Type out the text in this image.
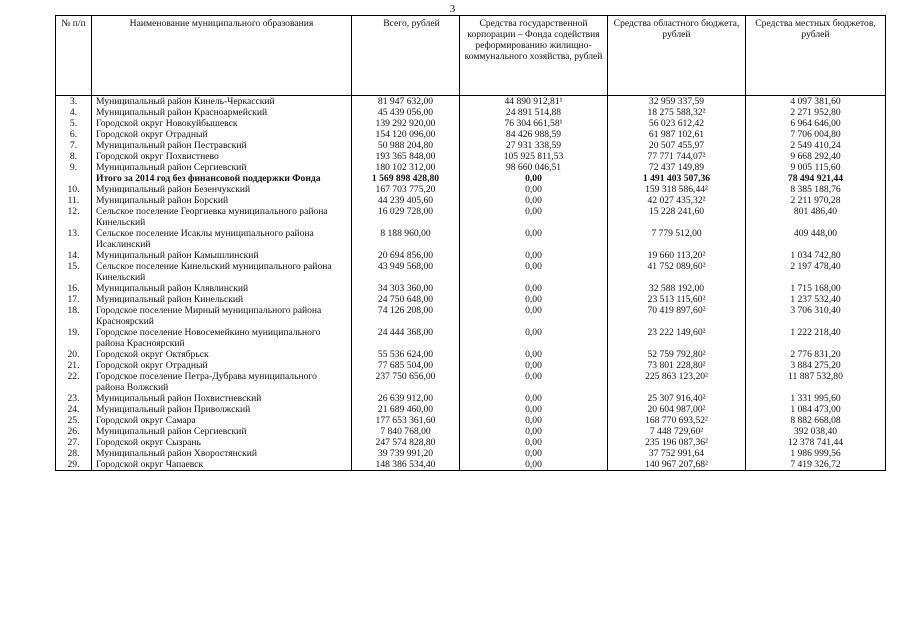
3
№ п/п	Наименование муниципального образования	Всего, рублей	Средства государственной корпорации – Фонда содействия реформированию жилищно-коммунального хозяйства, рублей	Средства областного бюджета, рублей	Средства местных бюджетов, рублей
3.	Муниципальный район Кинель-Черкасский	81 947 632,00	44 890 912,81¹	32 959 337,59	4 097 381,60
4.	Муниципальный район Красноармейский	45 439 056,00	24 891 514,88	18 275 588,32²	2 271 952,80
5.	Городской округ Новокуйбышевск	139 292 920,00	76 304 661,58¹	56 023 612,42	6 964 646,00
6.	Городской округ Отрадный	154 120 096,00	84 426 988,59	61 987 102,61	7 706 004,80
7.	Муниципальный район Пестравский	50 988 204,80	27 931 338,59	20 507 455,97	2 549 410,24
8.	Городской округ Похвистнево	193 365 848,00	105 925 811,53	77 771 744,07²	9 668 292,40
9.	Муниципальный район Сергиевский	180 102 312,00	98 660 046,51	72 437 149,89	9 005 115,60
	Итого за 2014 год без финансовой поддержки Фонда	1 569 898 428,80	0,00	1 491 403 507,36	78 494 921,44
10.	Муниципальный район Безенчукский	167 703 775,20	0,00	159 318 586,44²	8 385 188,76
11.	Муниципальный район Борский	44 239 405,60	0,00	42 027 435,32²	2 211 970,28
12.	Сельское поселение Георгиевка муниципального района Кинельский	16 029 728,00	0,00	15 228 241,60	801 486,40
13.	Сельское поселение Исаклы муниципального района Исаклинский	8 188 960,00	0,00	7 779 512,00	409 448,00
14.	Муниципальный район Камышлинский	20 694 856,00	0,00	19 660 113,20²	1 034 742,80
15.	Сельское поселение Кинельский муниципального района Кинельский	43 949 568,00	0,00	41 752 089,60²	2 197 478,40
16.	Муниципальный район Клявлинский	34 303 360,00	0,00	32 588 192,00	1 715 168,00
17.	Муниципальный район Кинельский	24 750 648,00	0,00	23 513 115,60²	1 237 532,40
18.	Городское поселение Мирный муниципального района Красноярский	74 126 208,00	0,00	70 419 897,60²	3 706 310,40
19.	Городское поселение Новосемейкино муниципального района Красноярский	24 444 368,00	0,00	23 222 149,60²	1 222 218,40
20.	Городской округ Октябрьск	55 536 624,00	0,00	52 759 792,80²	2 776 831,20
21.	Городской округ Отрадный	77 685 504,00	0,00	73 801 228,80²	3 884 275,20
22.	Городское поселение Петра-Дубрава муниципального района Волжский	237 750 656,00	0,00	225 863 123,20²	11 887 532,80
23.	Муниципальный район Похвистневский	26 639 912,00	0,00	25 307 916,40²	1 331 995,60
24.	Муниципальный район Приволжский	21 689 460,00	0,00	20 604 987,00²	1 084 473,00
25.	Городской округ Самара	177 653 361,60	0,00	168 770 693,52²	8 882 668,08
26.	Муниципальный район Сергиевский	7 840 768,00	0,00	7 448 729,60²	392 038,40
27.	Городской округ Сызрань	247 574 828,80	0,00	235 196 087,36²	12 378 741,44
28.	Муниципальный район Хворостянский	39 739 991,20	0,00	37 752 991,64	1 986 999,56
29.	Городской округ Чапаевск	148 386 534,40	0,00	140 967 207,68²	7 419 326,72
